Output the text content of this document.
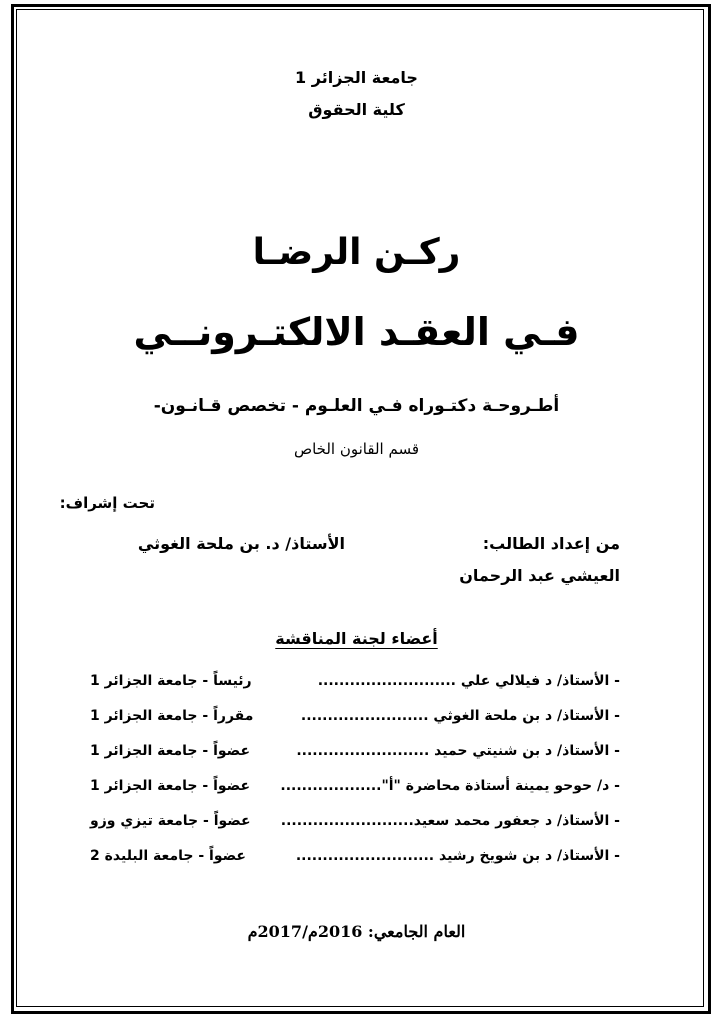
جامعة الجزائر 1
كلية الحقوق
ركـن الرضـا
فـي العقـد الالكتـرونــي
أطـروحـة دكتـوراه فـي العلـوم - تخصص قـانـون-
قسم القانون الخاص
تحت إشراف:
من إعداد الطالب:
الأستاذ/ د. بن ملحة الغوثي
العيشي عبد الرحمان
أعضاء لجنة المناقشة
- الأستاذ/ د فيلالي علي ..........................
رئيساً - جامعة الجزائر 1
- الأستاذ/ د بن ملحة الغوثي ........................
مقرراً - جامعة الجزائر 1
- الأستاذ/ د بن شنيتي حميد .........................
عضواً - جامعة الجزائر 1
- د/ حوحو يمينة أستاذة محاضرة "أ"...................
عضواً - جامعة الجزائر 1
- الأستاذ/ د جعفور محمد سعيد.........................
عضواً - جامعة تيزي وزو
- الأستاذ/ د بن شويخ رشيد ..........................
عضواً - جامعة البليدة 2
العام الجامعي: 2016م/2017م
